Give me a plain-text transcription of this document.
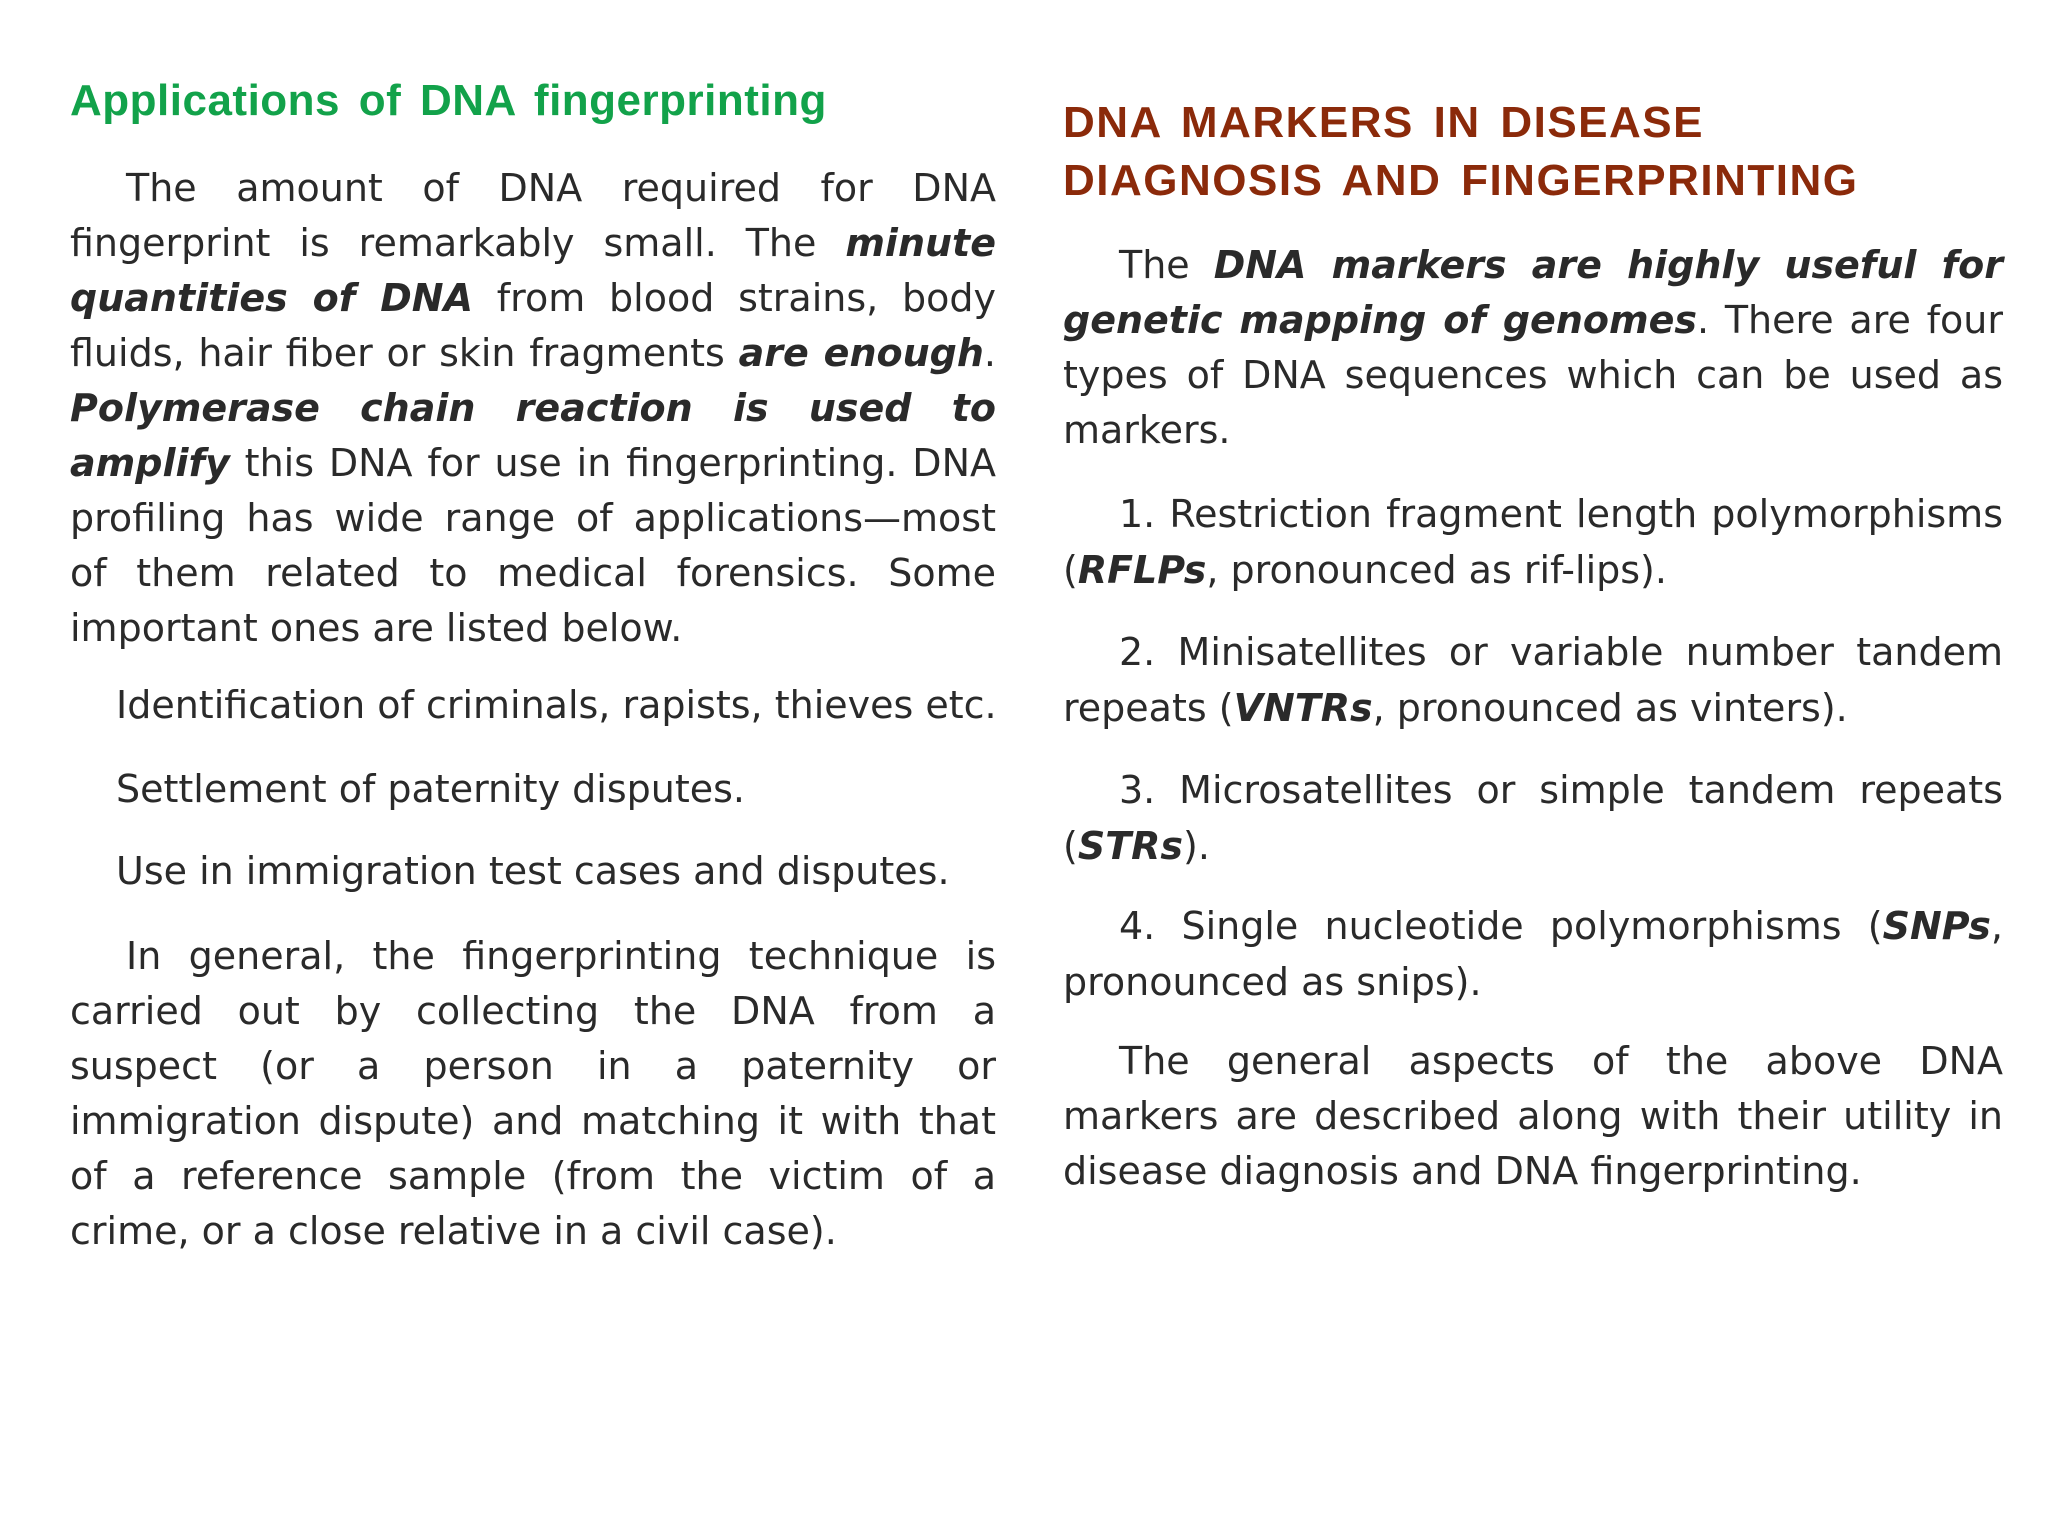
Applications of DNA fingerprinting

The amount of DNA required for DNA fingerprint is remarkably small. The minute quantities of DNA from blood strains, body fluids, hair fiber or skin fragments are enough. Polymerase chain reaction is used to amplify this DNA for use in fingerprinting. DNA profiling has wide range of applications—most of them related to medical forensics. Some important ones are listed below.

Identification of criminals, rapists, thieves etc.

Settlement of paternity disputes.

Use in immigration test cases and disputes.

In general, the fingerprinting technique is carried out by collecting the DNA from a suspect (or a person in a paternity or immigration dispute) and matching it with that of a reference sample (from the victim of a crime, or a close relative in a civil case).

DNA MARKERS IN DISEASE
DIAGNOSIS AND FINGERPRINTING

The DNA markers are highly useful for genetic mapping of genomes. There are four types of DNA sequences which can be used as markers.

1. Restriction fragment length polymorphisms (RFLPs, pronounced as rif-lips).

2. Minisatellites or variable number tandem repeats (VNTRs, pronounced as vinters).

3. Microsatellites or simple tandem repeats (STRs).

4. Single nucleotide polymorphisms (SNPs, pronounced as snips).

The general aspects of the above DNA markers are described along with their utility in disease diagnosis and DNA fingerprinting.
